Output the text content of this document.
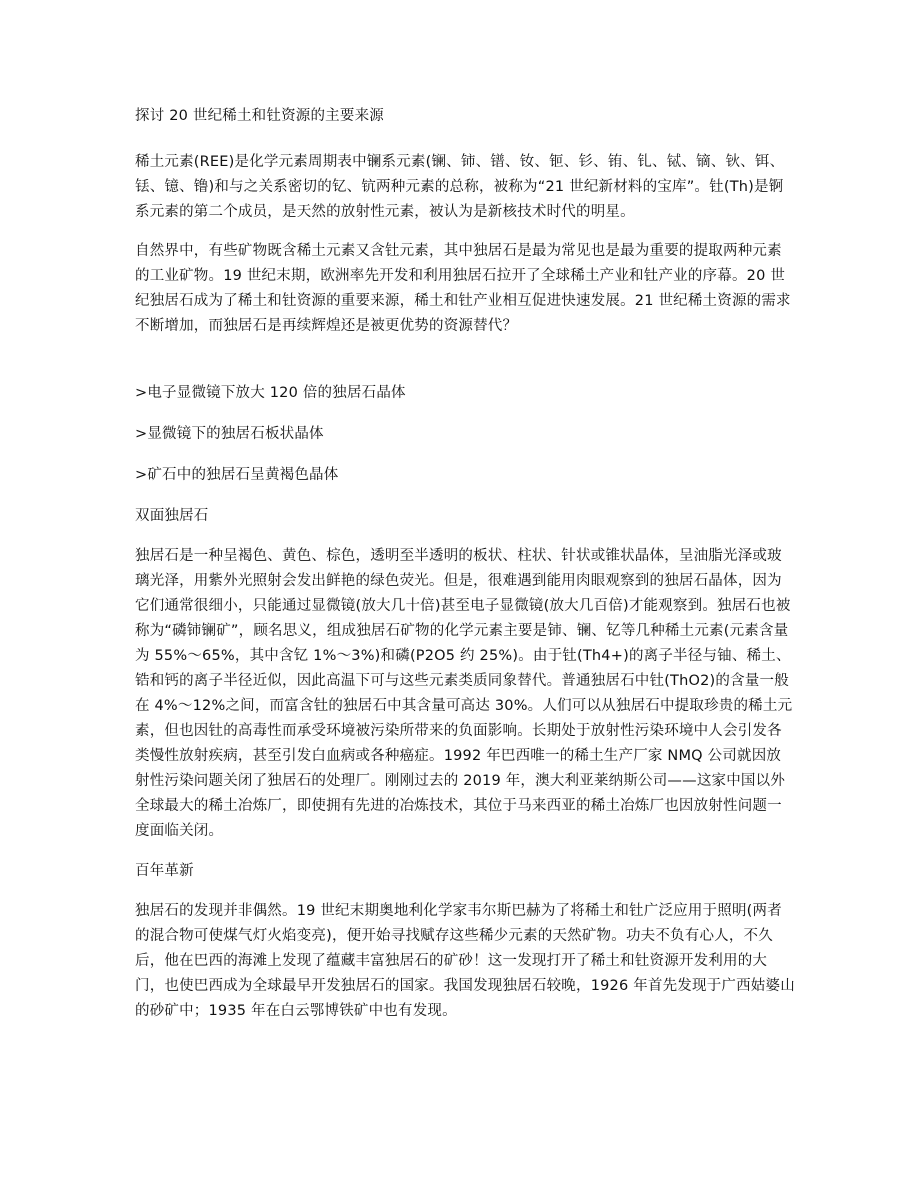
探讨 20 世纪稀土和钍资源的主要来源

稀土元素(REE)是化学元素周期表中镧系元素(镧、铈、镨、钕、钷、钐、铕、钆、铽、镝、钬、铒、铥、镱、镥)和与之关系密切的钇、钪两种元素的总称，被称为“21 世纪新材料的宝库”。钍(Th)是锕系元素的第二个成员，是天然的放射性元素，被认为是新核技术时代的明星。

自然界中，有些矿物既含稀土元素又含钍元素，其中独居石是最为常见也是最为重要的提取两种元素的工业矿物。19 世纪末期，欧洲率先开发和利用独居石拉开了全球稀土产业和钍产业的序幕。20 世纪独居石成为了稀土和钍资源的重要来源，稀土和钍产业相互促进快速发展。21 世纪稀土资源的需求不断增加，而独居石是再续辉煌还是被更优势的资源替代？

>电子显微镜下放大 120 倍的独居石晶体

>显微镜下的独居石板状晶体

>矿石中的独居石呈黄褐色晶体

双面独居石

独居石是一种呈褐色、黄色、棕色，透明至半透明的板状、柱状、针状或锥状晶体，呈油脂光泽或玻璃光泽，用紫外光照射会发出鲜艳的绿色荧光。但是，很难遇到能用肉眼观察到的独居石晶体，因为它们通常很细小，只能通过显微镜(放大几十倍)甚至电子显微镜(放大几百倍)才能观察到。独居石也被称为“磷铈镧矿”，顾名思义，组成独居石矿物的化学元素主要是铈、镧、钇等几种稀土元素(元素含量为 55%～65%，其中含钇 1%～3%)和磷(P2O5 约 25%)。由于钍(Th4+)的离子半径与铀、稀土、锆和钙的离子半径近似，因此高温下可与这些元素类质同象替代。普通独居石中钍(ThO2)的含量一般在 4%～12%之间，而富含钍的独居石中其含量可高达 30%。人们可以从独居石中提取珍贵的稀土元素，但也因钍的高毒性而承受环境被污染所带来的负面影响。长期处于放射性污染环境中人会引发各类慢性放射疾病，甚至引发白血病或各种癌症。1992 年巴西唯一的稀土生产厂家 NMQ 公司就因放射性污染问题关闭了独居石的处理厂。刚刚过去的 2019 年，澳大利亚莱纳斯公司——这家中国以外全球最大的稀土冶炼厂，即使拥有先进的冶炼技术，其位于马来西亚的稀土冶炼厂也因放射性问题一度面临关闭。

百年革新

独居石的发现并非偶然。19 世纪末期奥地利化学家韦尔斯巴赫为了将稀土和钍广泛应用于照明(两者的混合物可使煤气灯火焰变亮)，便开始寻找赋存这些稀少元素的天然矿物。功夫不负有心人，不久后，他在巴西的海滩上发现了蕴藏丰富独居石的矿砂！这一发现打开了稀土和钍资源开发利用的大门，也使巴西成为全球最早开发独居石的国家。我国发现独居石较晚，1926 年首先发现于广西姑婆山的砂矿中；1935 年在白云鄂博铁矿中也有发现。
